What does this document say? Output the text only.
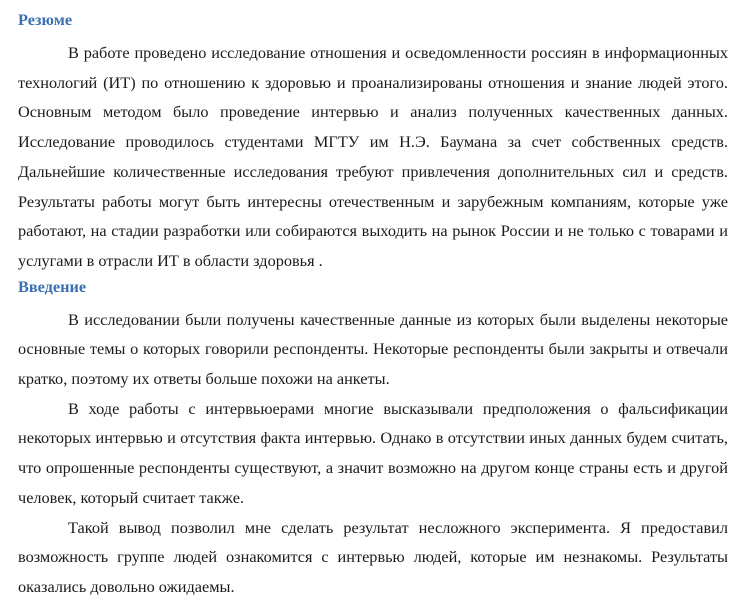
Резюме

В работе проведено исследование отношения и осведомленности россиян в информационных технологий (ИТ) по отношению к здоровью и проанализированы отношения и знание людей этого. Основным методом было проведение интервью и анализ полученных качественных данных. Исследование проводилось студентами МГТУ им Н.Э. Баумана за счет собственных средств. Дальнейшие количественные исследования требуют привлечения дополнительных сил и средств. Результаты работы могут быть интересны отечественным и зарубежным компаниям, которые уже работают, на стадии разработки или собираются выходить на рынок России и не только с товарами и услугами в отрасли ИТ в области здоровья .

Введение

В исследовании были получены качественные данные из которых были выделены некоторые основные темы о которых говорили респонденты. Некоторые респонденты были закрыты и отвечали кратко, поэтому их ответы больше похожи на анкеты.

В ходе работы с интервьюерами многие высказывали предположения о фальсификации некоторых интервью и отсутствия факта интервью. Однако в отсутствии иных данных будем считать, что опрошенные респонденты существуют, а значит возможно на другом конце страны есть и другой человек, который считает также.

Такой вывод позволил мне сделать результат несложного эксперимента. Я предоставил возможность группе людей ознакомится с интервью людей, которые им незнакомы. Результаты оказались довольно ожидаемы.
